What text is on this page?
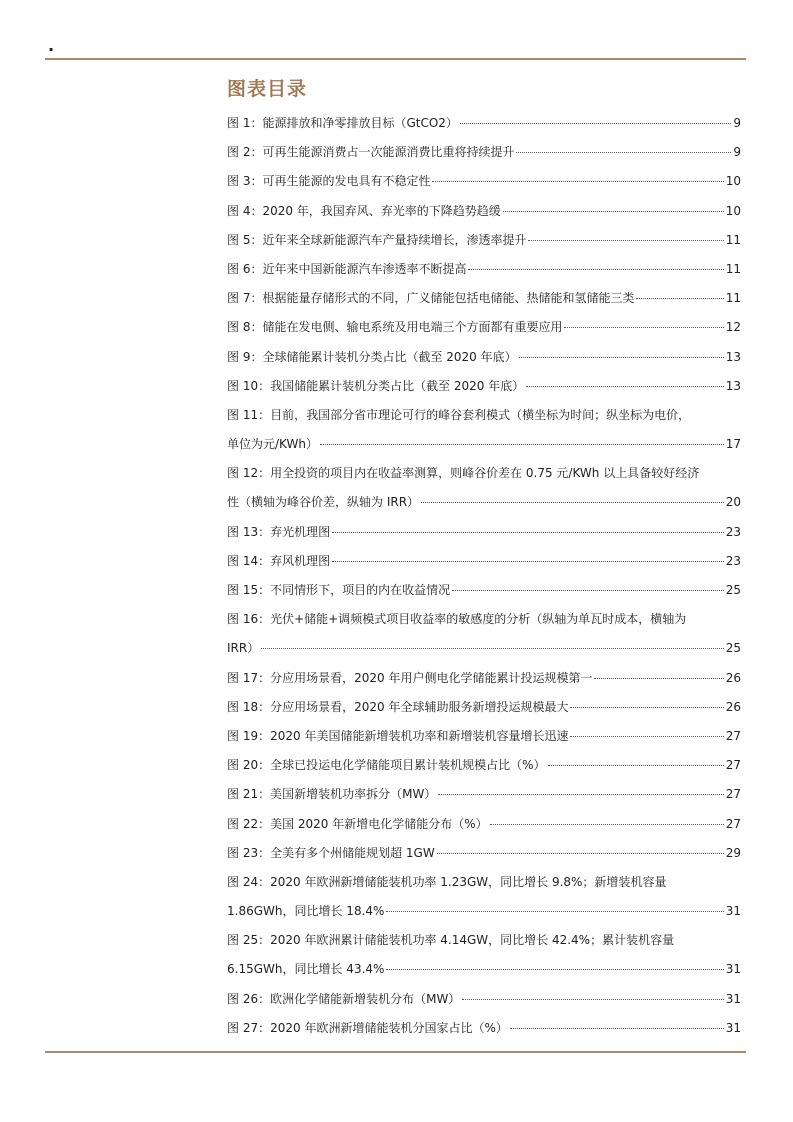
.
图表目录
图 1：能源排放和净零排放目标（GtCO2）	9
图 2：可再生能源消费占一次能源消费比重将持续提升	9
图 3：可再生能源的发电具有不稳定性	10
图 4：2020 年，我国弃风、弃光率的下降趋势趋缓	10
图 5：近年来全球新能源汽车产量持续增长，渗透率提升	11
图 6：近年来中国新能源汽车渗透率不断提高	11
图 7：根据能量存储形式的不同，广义储能包括电储能、热储能和氢储能三类	11
图 8：储能在发电侧、输电系统及用电端三个方面都有重要应用	12
图 9：全球储能累计装机分类占比（截至 2020 年底）	13
图 10：我国储能累计装机分类占比（截至 2020 年底）	13
图 11：目前，我国部分省市理论可行的峰谷套利模式（横坐标为时间；纵坐标为电价，
单位为元/KWh）	17
图 12：用全投资的项目内在收益率测算，则峰谷价差在 0.75 元/KWh 以上具备较好经济
性（横轴为峰谷价差，纵轴为 IRR）	20
图 13：弃光机理图	23
图 14：弃风机理图	23
图 15：不同情形下，项目的内在收益情况	25
图 16：光伏+储能+调频模式项目收益率的敏感度的分析（纵轴为单瓦时成本，横轴为
IRR）	25
图 17：分应用场景看，2020 年用户侧电化学储能累计投运规模第一	26
图 18：分应用场景看，2020 年全球辅助服务新增投运规模最大	26
图 19：2020 年美国储能新增装机功率和新增装机容量增长迅速	27
图 20：全球已投运电化学储能项目累计装机规模占比（%）	27
图 21：美国新增装机功率拆分（MW）	27
图 22：美国 2020 年新增电化学储能分布（%）	27
图 23：全美有多个州储能规划超 1GW	29
图 24：2020 年欧洲新增储能装机功率 1.23GW，同比增长 9.8%；新增装机容量
1.86GWh，同比增长 18.4%	31
图 25：2020 年欧洲累计储能装机功率 4.14GW，同比增长 42.4%；累计装机容量
6.15GWh，同比增长 43.4%	31
图 26：欧洲化学储能新增装机分布（MW）	31
图 27：2020 年欧洲新增储能装机分国家占比（%）	31
